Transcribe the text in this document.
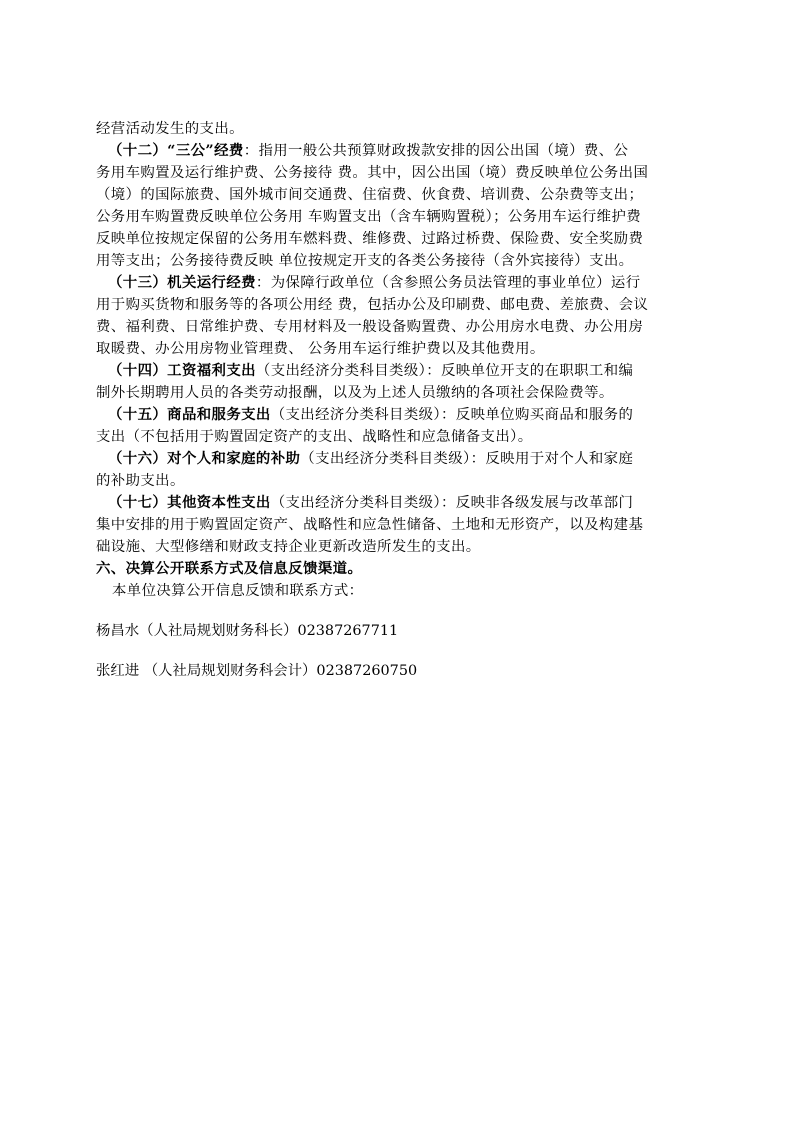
经营活动发生的支出。
（十二）“三公”经费：指用一般公共预算财政拨款安排的因公出国（境）费、公
务用车购置及运行维护费、公务接待 费。其中，因公出国（境）费反映单位公务出国
（境）的国际旅费、国外城市间交通费、住宿费、伙食费、培训费、公杂费等支出；
公务用车购置费反映单位公务用 车购置支出（含车辆购置税）；公务用车运行维护费
反映单位按规定保留的公务用车燃料费、维修费、过路过桥费、保险费、安全奖励费
用等支出；公务接待费反映 单位按规定开支的各类公务接待（含外宾接待）支出。
（十三）机关运行经费：为保障行政单位（含参照公务员法管理的事业单位）运行
用于购买货物和服务等的各项公用经 费，包括办公及印刷费、邮电费、差旅费、会议
费、福利费、日常维护费、专用材料及一般设备购置费、办公用房水电费、办公用房
取暖费、办公用房物业管理费、 公务用车运行维护费以及其他费用。
（十四）工资福利支出（支出经济分类科目类级）：反映单位开支的在职职工和编
制外长期聘用人员的各类劳动报酬，以及为上述人员缴纳的各项社会保险费等。
（十五）商品和服务支出（支出经济分类科目类级）：反映单位购买商品和服务的
支出（不包括用于购置固定资产的支出、战略性和应急储备支出）。
（十六）对个人和家庭的补助（支出经济分类科目类级）：反映用于对个人和家庭
的补助支出。
（十七）其他资本性支出（支出经济分类科目类级）：反映非各级发展与改革部门
集中安排的用于购置固定资产、战略性和应急性储备、土地和无形资产，以及构建基
础设施、大型修缮和财政支持企业更新改造所发生的支出。
六、决算公开联系方式及信息反馈渠道。
本单位决算公开信息反馈和联系方式：
杨昌水（人社局规划财务科长）02387267711
张红进 （人社局规划财务科会计）02387260750
